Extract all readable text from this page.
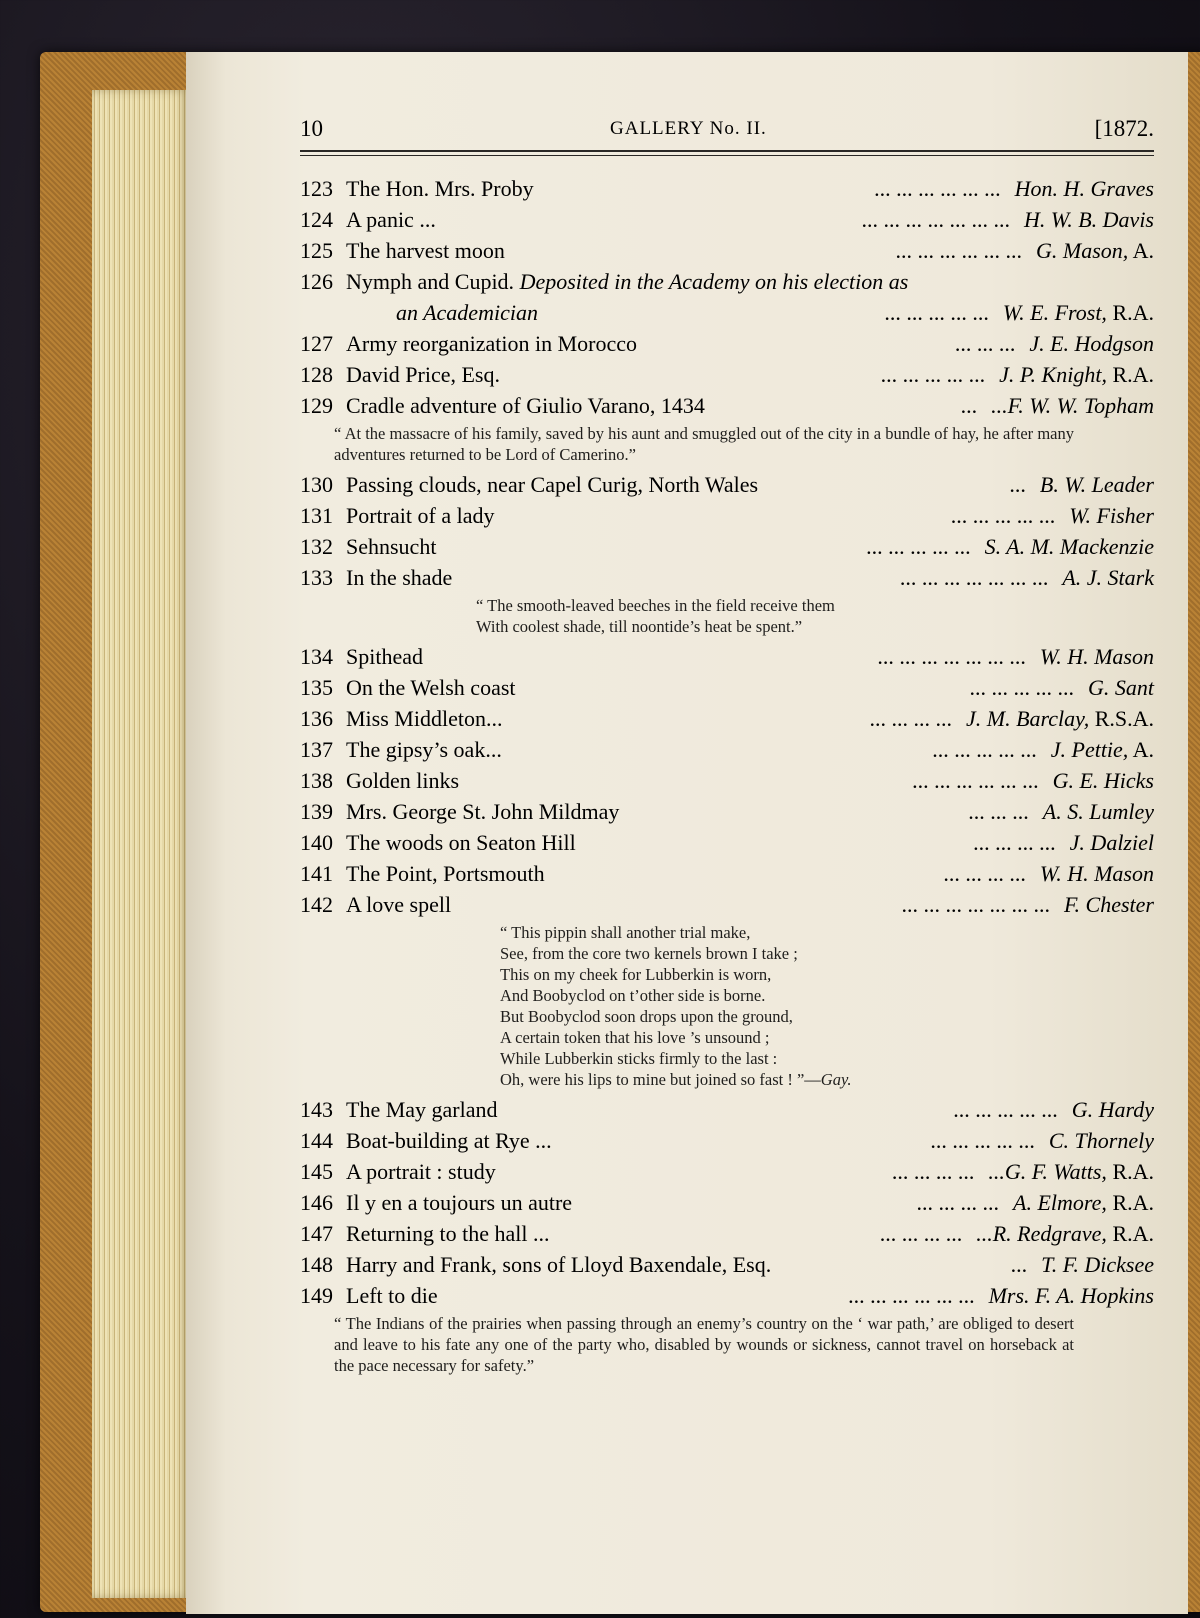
10	GALLERY No. II.	[1872.
123 The Hon. Mrs. Proby	... ... ... ... ... ... Hon. H. Graves
124 A panic ...	... ... ... ... ... ... ... H. W. B. Davis
125 The harvest moon	... ... ... ... ... ... G. Mason, A.
126 Nymph and Cupid. Deposited in the Academy on his election as
an Academician	... ... ... ... ... W. E. Frost, R.A.
127 Army reorganization in Morocco	... ... ... J. E. Hodgson
128 David Price, Esq.	... ... ... ... ... J. P. Knight, R.A.
129 Cradle adventure of Giulio Varano, 1434	... ...F. W. W. Topham
“ At the massacre of his family, saved by his aunt and smuggled out of the city in a bundle of hay, he after many adventures returned to be Lord of Camerino.”
130 Passing clouds, near Capel Curig, North Wales	... B. W. Leader
131 Portrait of a lady	... ... ... ... ... W. Fisher
132 Sehnsucht	... ... ... ... ... S. A. M. Mackenzie
133 In the shade	... ... ... ... ... ... ... A. J. Stark
“ The smooth-leaved beeches in the field receive them
With coolest shade, till noontide’s heat be spent.”
134 Spithead	... ... ... ... ... ... ... W. H. Mason
135 On the Welsh coast	... ... ... ... ... G. Sant
136 Miss Middleton...	... ... ... ... J. M. Barclay, R.S.A.
137 The gipsy’s oak...	... ... ... ... ... J. Pettie, A.
138 Golden links	... ... ... ... ... ... G. E. Hicks
139 Mrs. George St. John Mildmay	... ... ... A. S. Lumley
140 The woods on Seaton Hill	... ... ... ... J. Dalziel
141 The Point, Portsmouth	... ... ... ... W. H. Mason
142 A love spell	... ... ... ... ... ... ... F. Chester
“ This pippin shall another trial make,
See, from the core two kernels brown I take ;
This on my cheek for Lubberkin is worn,
And Boobyclod on t’other side is borne.
But Boobyclod soon drops upon the ground,
A certain token that his love ’s unsound ;
While Lubberkin sticks firmly to the last :
Oh, were his lips to mine but joined so fast ! ”—Gay.
143 The May garland	... ... ... ... ... G. Hardy
144 Boat-building at Rye ...	... ... ... ... ... C. Thornely
145 A portrait : study	... ... ... ... ...G. F. Watts, R.A.
146 Il y en a toujours un autre	... ... ... ... A. Elmore, R.A.
147 Returning to the hall ...	... ... ... ... ...R. Redgrave, R.A.
148 Harry and Frank, sons of Lloyd Baxendale, Esq.	... T. F. Dicksee
149 Left to die	... ... ... ... ... ... Mrs. F. A. Hopkins
“ The Indians of the prairies when passing through an enemy’s country on the ‘ war path,’ are obliged to desert and leave to his fate any one of the party who, disabled by wounds or sickness, cannot travel on horseback at the pace necessary for safety.”
